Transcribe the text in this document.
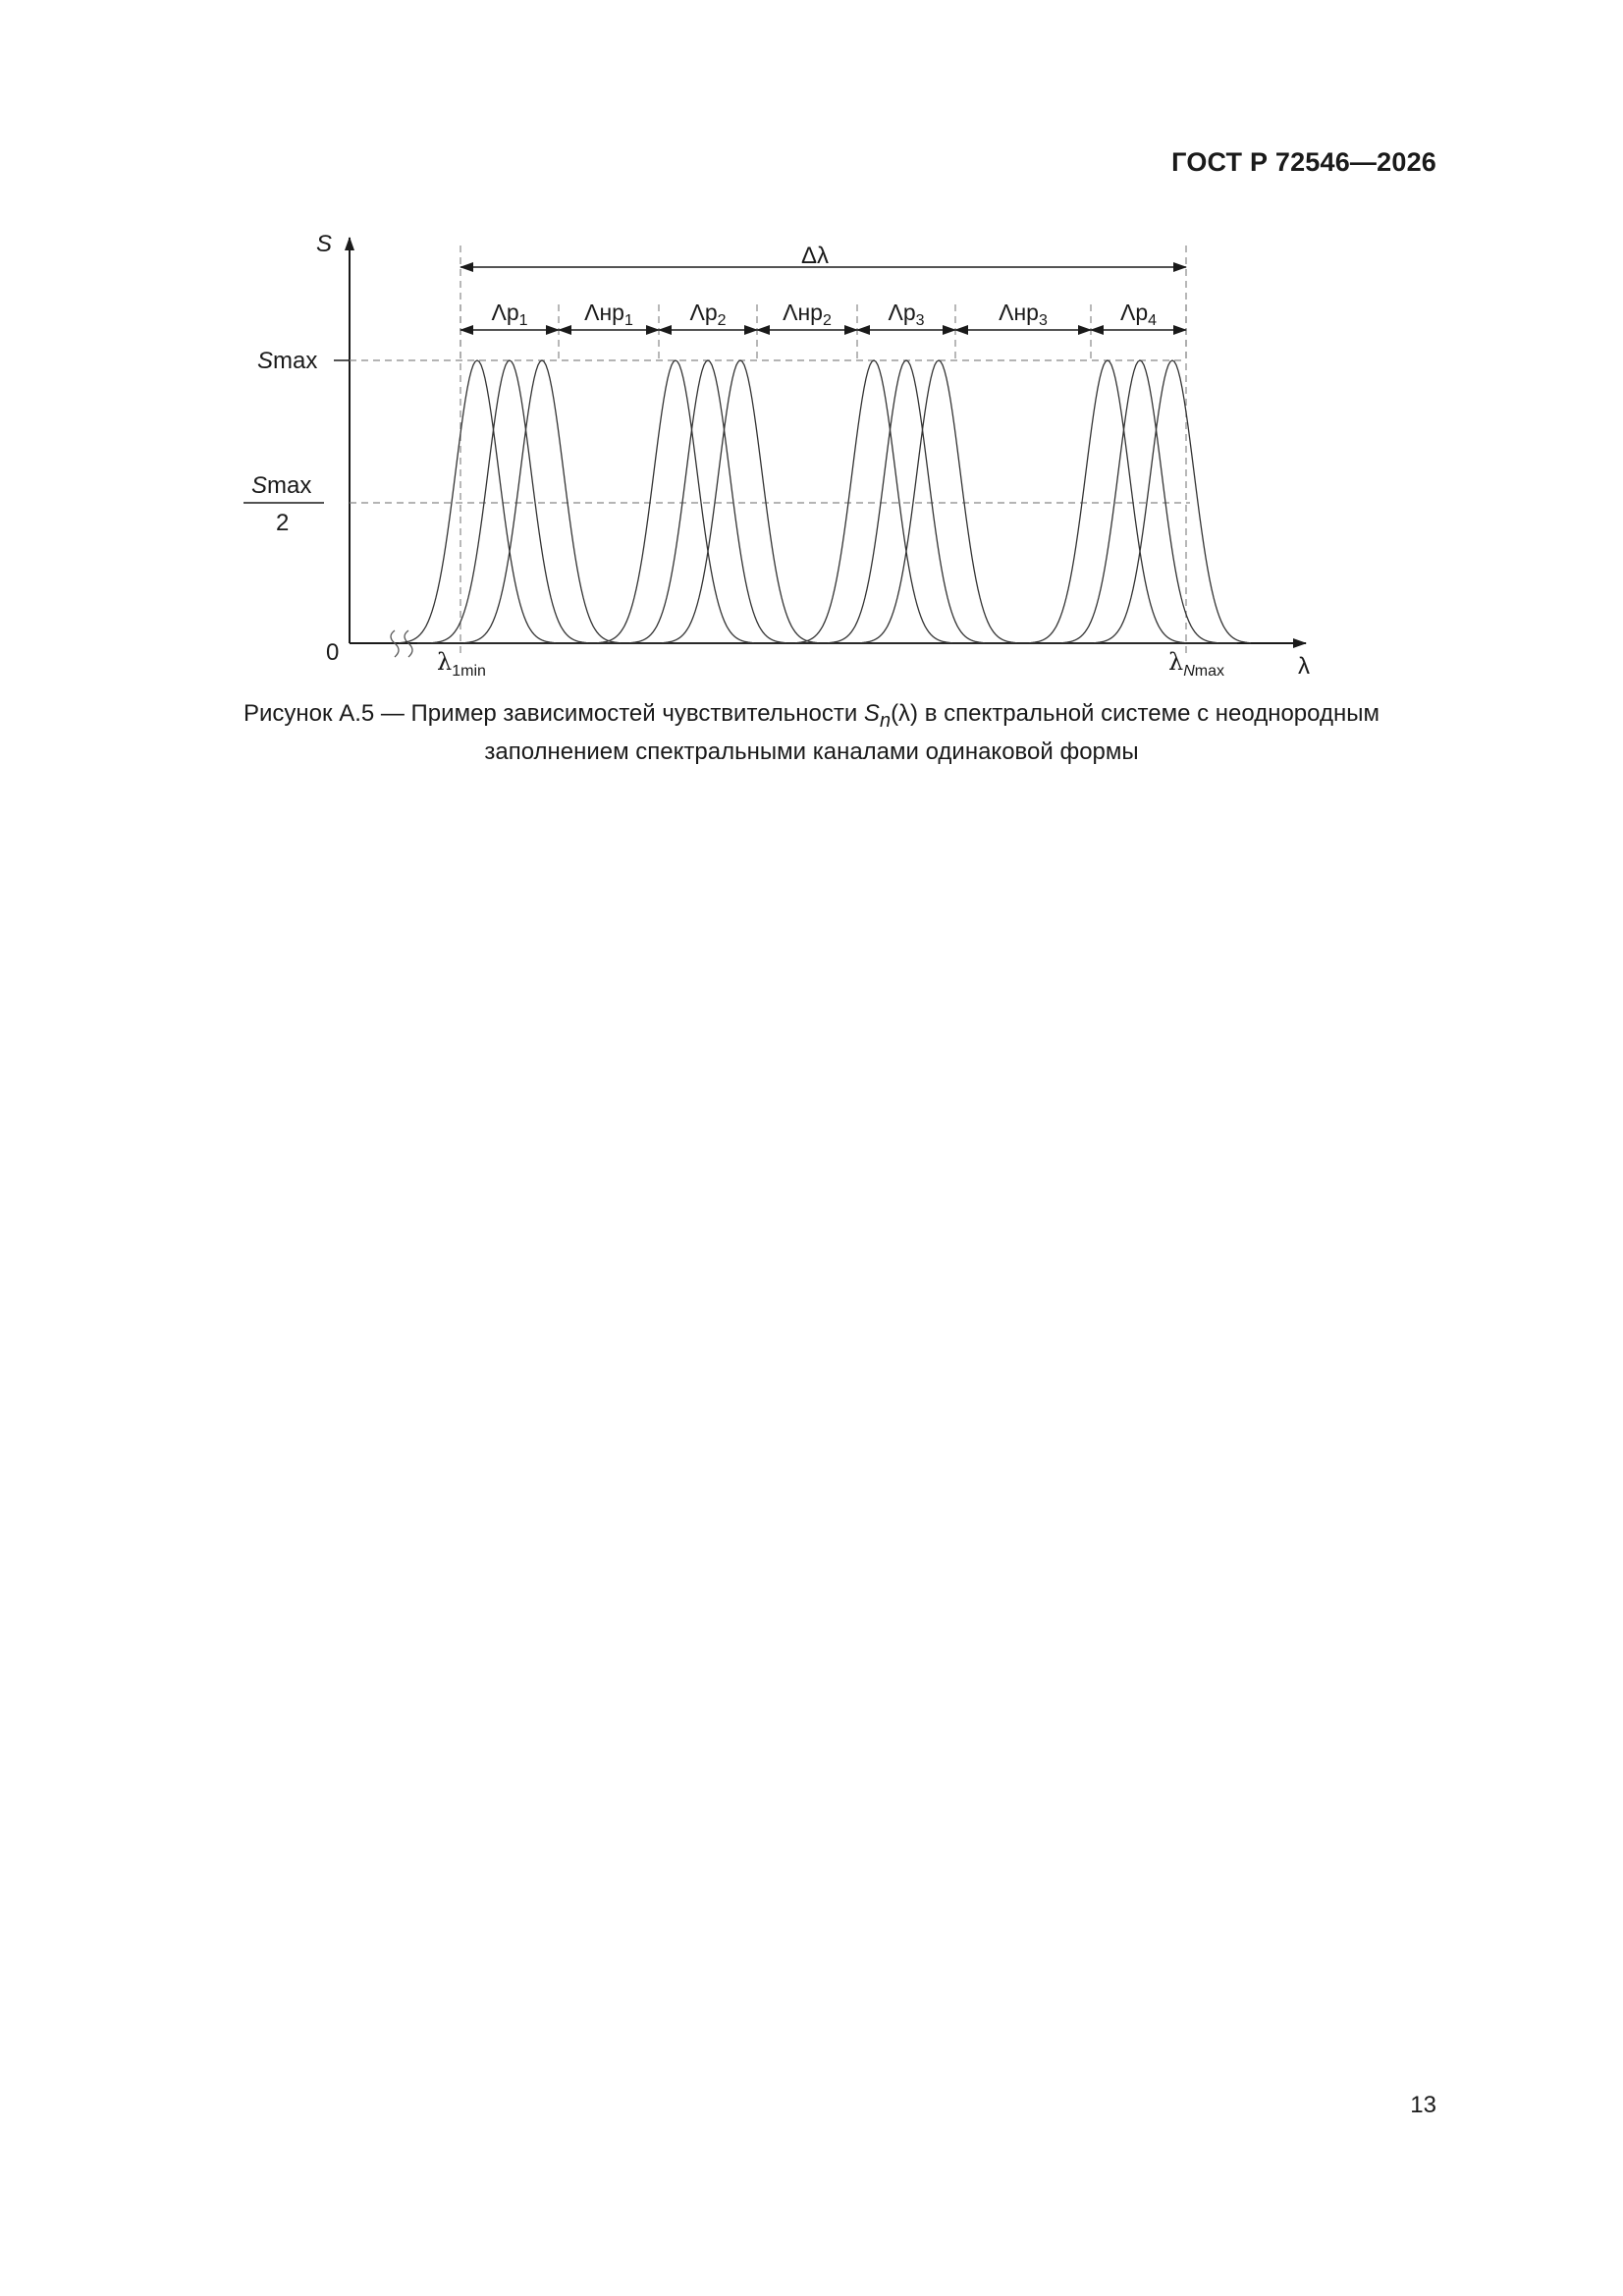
ГОСТ Р 72546—2026
Δλ
$\Lambda p_1$	Λнр$_1$	$\Lambda p_2$	Λнр$_2$	$\Lambda p_3$	Λнр$_3$	$\Lambda p_4$
S
λ
0
Smax
Smax
2
$\lambda_{1min}$	$\lambda_{Nmax}$
Рисунок А.5 — Пример зависимостей чувствительности $S_n(\lambda)$ в спектральной системе с неоднородным
заполнением спектральными каналами одинаковой формы
13
